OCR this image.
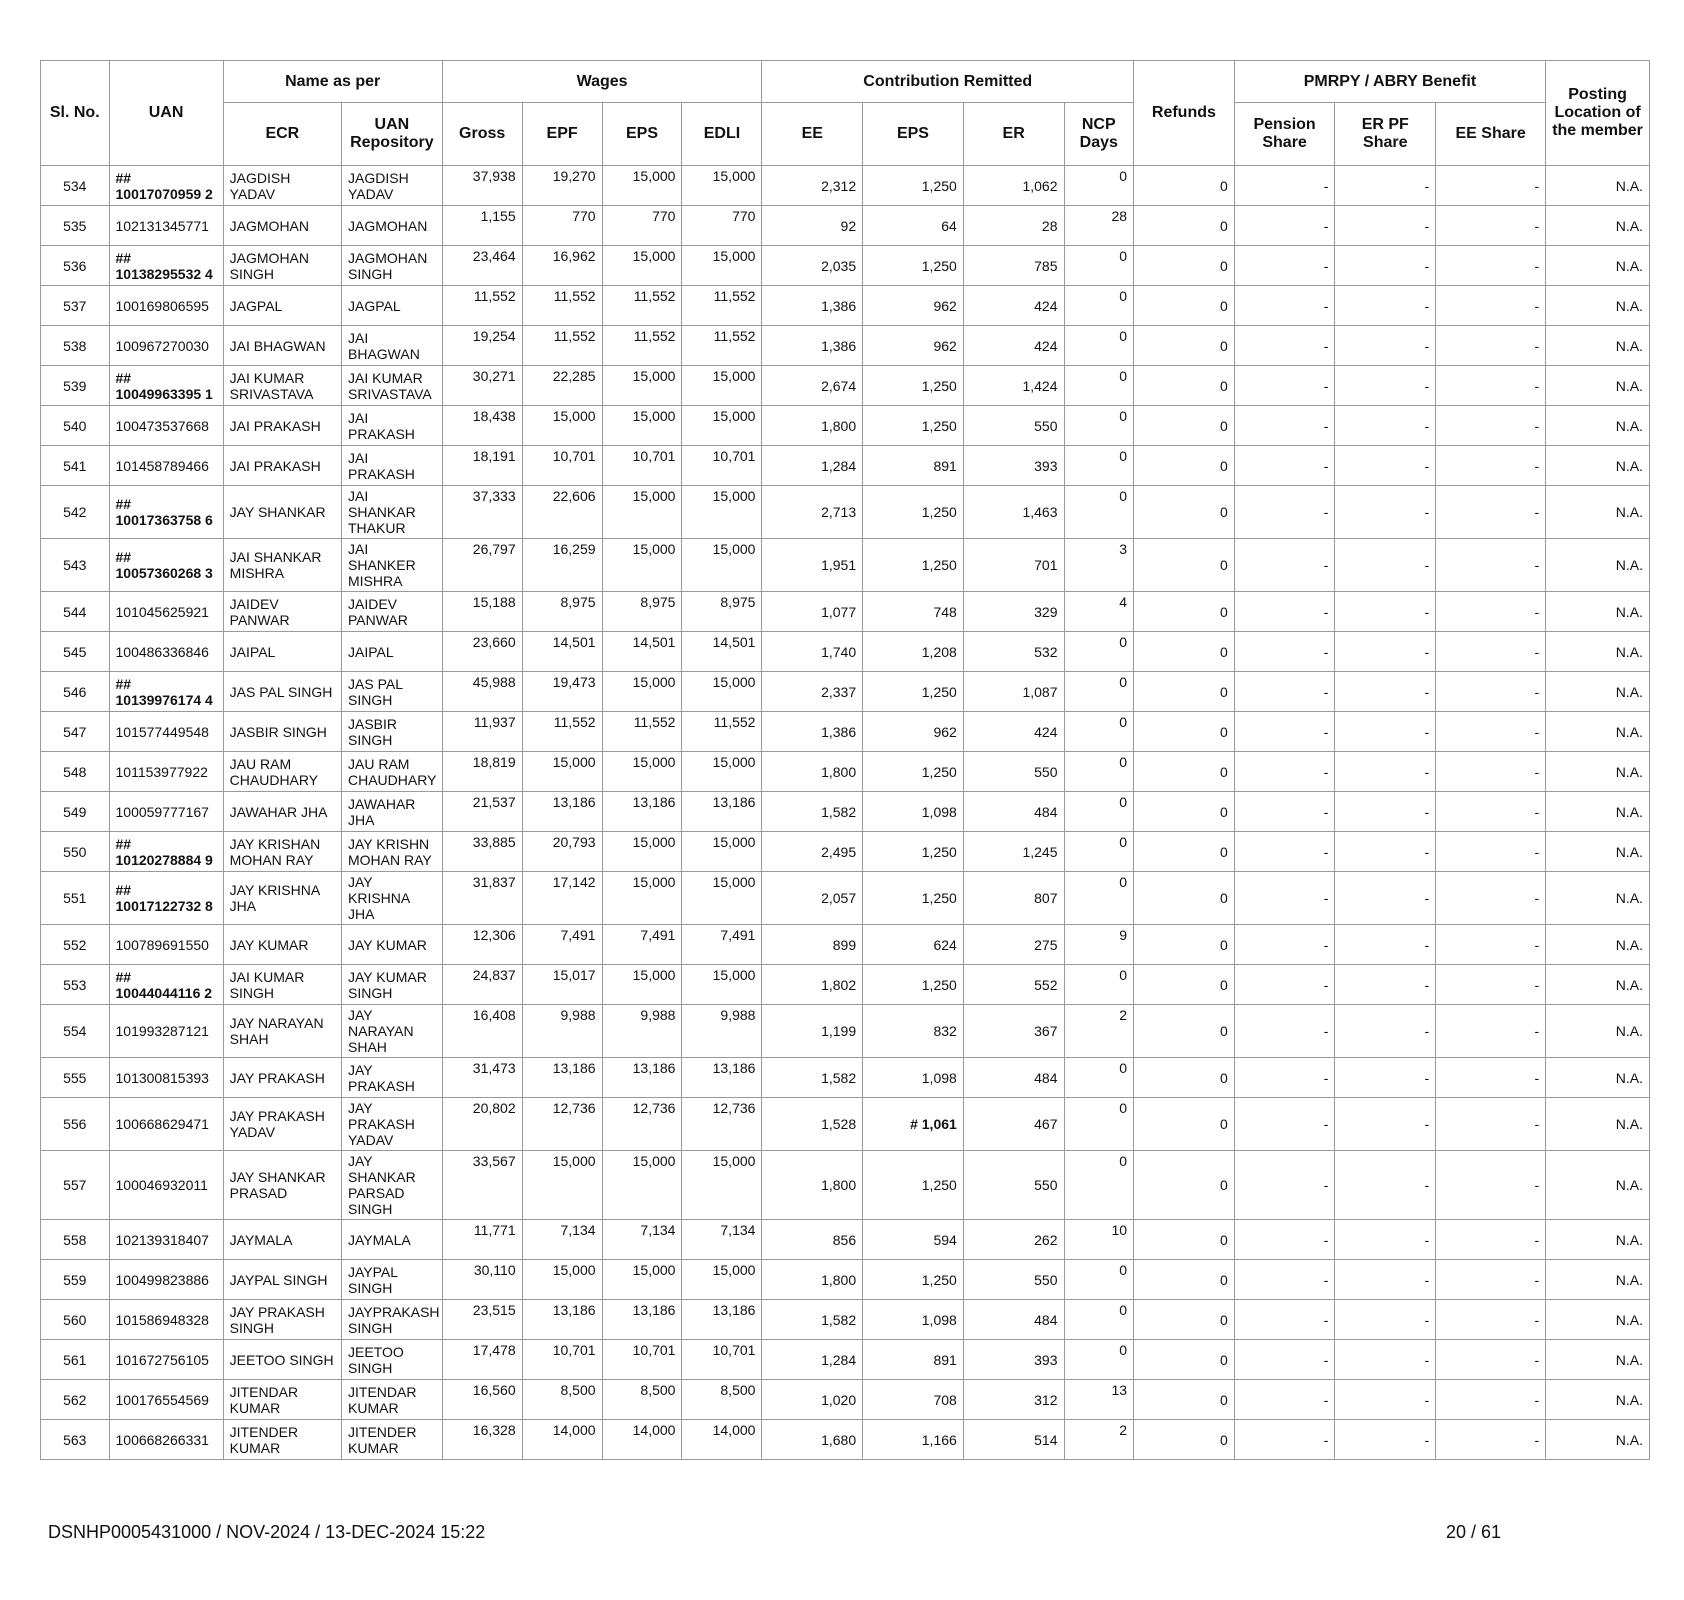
Sl. No.	UAN	Name as per		Wages				Contribution Remitted				Refunds	PMRPY / ABRY Benefit			Posting Location of the member
		ECR	UAN Repository	Gross	EPF	EPS	EDLI	EE	EPS	ER	NCP Days		Pension Share	ER PF Share	EE Share	
534	## 10017070959 2	JAGDISH YADAV	JAGDISH YADAV	37,938	19,270	15,000	15,000	2,312	1,250	1,062	0	0	-	-	-	N.A.
535	102131345771	JAGMOHAN	JAGMOHAN	1,155	770	770	770	92	64	28	28	0	-	-	-	N.A.
536	## 10138295532 4	JAGMOHAN SINGH	JAGMOHAN SINGH	23,464	16,962	15,000	15,000	2,035	1,250	785	0	0	-	-	-	N.A.
537	100169806595	JAGPAL	JAGPAL	11,552	11,552	11,552	11,552	1,386	962	424	0	0	-	-	-	N.A.
538	100967270030	JAI BHAGWAN	JAI BHAGWAN	19,254	11,552	11,552	11,552	1,386	962	424	0	0	-	-	-	N.A.
539	## 10049963395 1	JAI KUMAR SRIVASTAVA	JAI KUMAR SRIVASTAVA	30,271	22,285	15,000	15,000	2,674	1,250	1,424	0	0	-	-	-	N.A.
540	100473537668	JAI PRAKASH	JAI PRAKASH	18,438	15,000	15,000	15,000	1,800	1,250	550	0	0	-	-	-	N.A.
541	101458789466	JAI PRAKASH	JAI PRAKASH	18,191	10,701	10,701	10,701	1,284	891	393	0	0	-	-	-	N.A.
542	## 10017363758 6	JAY SHANKAR	JAI SHANKAR THAKUR	37,333	22,606	15,000	15,000	2,713	1,250	1,463	0	0	-	-	-	N.A.
543	## 10057360268 3	JAI SHANKAR MISHRA	JAI SHANKER MISHRA	26,797	16,259	15,000	15,000	1,951	1,250	701	3	0	-	-	-	N.A.
544	101045625921	JAIDEV PANWAR	JAIDEV PANWAR	15,188	8,975	8,975	8,975	1,077	748	329	4	0	-	-	-	N.A.
545	100486336846	JAIPAL	JAIPAL	23,660	14,501	14,501	14,501	1,740	1,208	532	0	0	-	-	-	N.A.
546	## 10139976174 4	JAS PAL SINGH	JAS PAL SINGH	45,988	19,473	15,000	15,000	2,337	1,250	1,087	0	0	-	-	-	N.A.
547	101577449548	JASBIR SINGH	JASBIR SINGH	11,937	11,552	11,552	11,552	1,386	962	424	0	0	-	-	-	N.A.
548	101153977922	JAU RAM CHAUDHARY	JAU RAM CHAUDHARY	18,819	15,000	15,000	15,000	1,800	1,250	550	0	0	-	-	-	N.A.
549	100059777167	JAWAHAR JHA	JAWAHAR JHA	21,537	13,186	13,186	13,186	1,582	1,098	484	0	0	-	-	-	N.A.
550	## 10120278884 9	JAY KRISHAN MOHAN RAY	JAY KRISHN MOHAN RAY	33,885	20,793	15,000	15,000	2,495	1,250	1,245	0	0	-	-	-	N.A.
551	## 10017122732 8	JAY KRISHNA JHA	JAY KRISHNA JHA	31,837	17,142	15,000	15,000	2,057	1,250	807	0	0	-	-	-	N.A.
552	100789691550	JAY KUMAR	JAY KUMAR	12,306	7,491	7,491	7,491	899	624	275	9	0	-	-	-	N.A.
553	## 10044044116 2	JAI KUMAR SINGH	JAY KUMAR SINGH	24,837	15,017	15,000	15,000	1,802	1,250	552	0	0	-	-	-	N.A.
554	101993287121	JAY NARAYAN SHAH	JAY NARAYAN SHAH	16,408	9,988	9,988	9,988	1,199	832	367	2	0	-	-	-	N.A.
555	101300815393	JAY PRAKASH	JAY PRAKASH	31,473	13,186	13,186	13,186	1,582	1,098	484	0	0	-	-	-	N.A.
556	100668629471	JAY PRAKASH YADAV	JAY PRAKASH YADAV	20,802	12,736	12,736	12,736	1,528	# 1,061	467	0	0	-	-	-	N.A.
557	100046932011	JAY SHANKAR PRASAD	JAY SHANKAR PARSAD SINGH	33,567	15,000	15,000	15,000	1,800	1,250	550	0	0	-	-	-	N.A.
558	102139318407	JAYMALA	JAYMALA	11,771	7,134	7,134	7,134	856	594	262	10	0	-	-	-	N.A.
559	100499823886	JAYPAL SINGH	JAYPAL SINGH	30,110	15,000	15,000	15,000	1,800	1,250	550	0	0	-	-	-	N.A.
560	101586948328	JAY PRAKASH SINGH	JAYPRAKASH SINGH	23,515	13,186	13,186	13,186	1,582	1,098	484	0	0	-	-	-	N.A.
561	101672756105	JEETOO SINGH	JEETOO SINGH	17,478	10,701	10,701	10,701	1,284	891	393	0	0	-	-	-	N.A.
562	100176554569	JITENDAR KUMAR	JITENDAR KUMAR	16,560	8,500	8,500	8,500	1,020	708	312	13	0	-	-	-	N.A.
563	100668266331	JITENDER KUMAR	JITENDER KUMAR	16,328	14,000	14,000	14,000	1,680	1,166	514	2	0	-	-	-	N.A.
DSNHP0005431000 / NOV-2024 / 13-DEC-2024 15:22	20 / 61
